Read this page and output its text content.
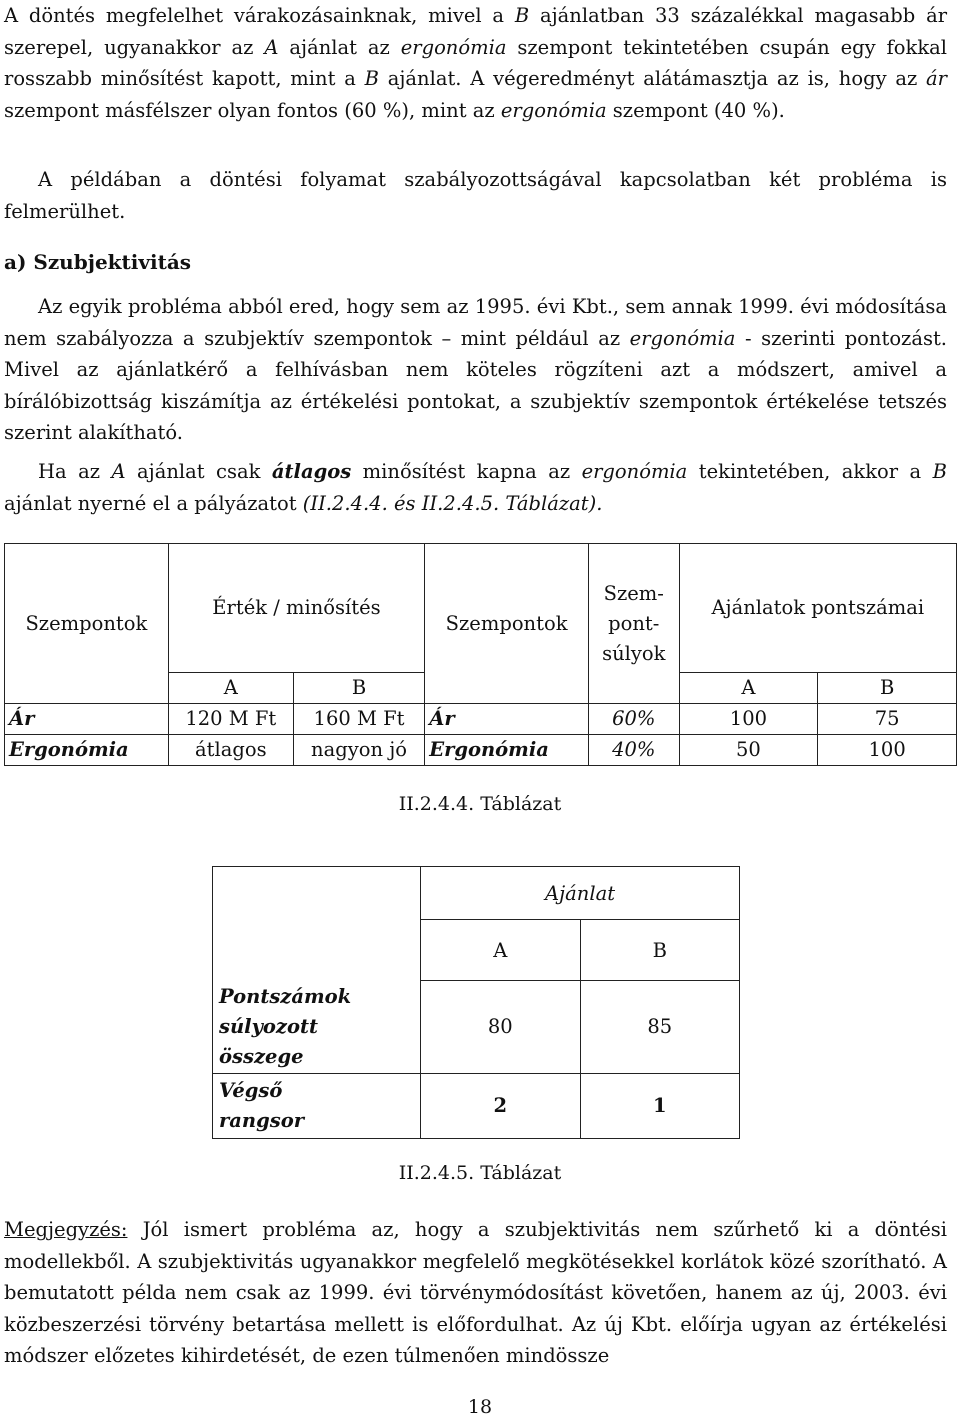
A döntés megfelelhet várakozásainknak, mivel a B ajánlatban 33 százalékkal magasabb ár szerepel, ugyanakkor az A ajánlat az ergonómia szempont tekintetében csupán egy fokkal rosszabb minősítést kapott, mint a B ajánlat. A végeredményt alátámasztja az is, hogy az ár szempont másfélszer olyan fontos (60 %), mint az ergonómia szempont (40 %).

A példában a döntési folyamat szabályozottságával kapcsolatban két probléma is felmerülhet.

a) Szubjektivitás

Az egyik probléma abból ered, hogy sem az 1995. évi Kbt., sem annak 1999. évi módosítása nem szabályozza a szubjektív szempontok – mint például az ergonómia - szerinti pontozást. Mivel az ajánlatkérő a felhívásban nem köteles rögzíteni azt a módszert, amivel a bírálóbizottság kiszámítja az értékelési pontokat, a szubjektív szempontok értékelése tetszés szerint alakítható.

Ha az A ajánlat csak átlagos minősítést kapna az ergonómia tekintetében, akkor a B ajánlat nyerné el a pályázatot (II.2.4.4. és II.2.4.5. Táblázat).

Szempontok	Érték / minősítés		Szempontok	Szem-
pont-
súlyok	Ajánlatok pontszámai	
	A	B			A	B
Ár	120 M Ft	160 M Ft	Ár	60%	100	75
Ergonómia	átlagos	nagyon jó	Ergonómia	40%	50	100

II.2.4.4. Táblázat

	Ajánlat	
	A	B
Pontszámok
súlyozott
összege	80	85
Végső
rangsor	2	1

II.2.4.5. Táblázat

Megjegyzés: Jól ismert probléma az, hogy a szubjektivitás nem szűrhető ki a döntési modellekből. A szubjektivitás ugyanakkor megfelelő megkötésekkel korlátok közé szorítható. A bemutatott példa nem csak az 1999. évi törvénymódosítást követően, hanem az új, 2003. évi közbeszerzési törvény betartása mellett is előfordulhat. Az új Kbt. előírja ugyan az értékelési módszer előzetes kihirdetését, de ezen túlmenően mindössze

18
